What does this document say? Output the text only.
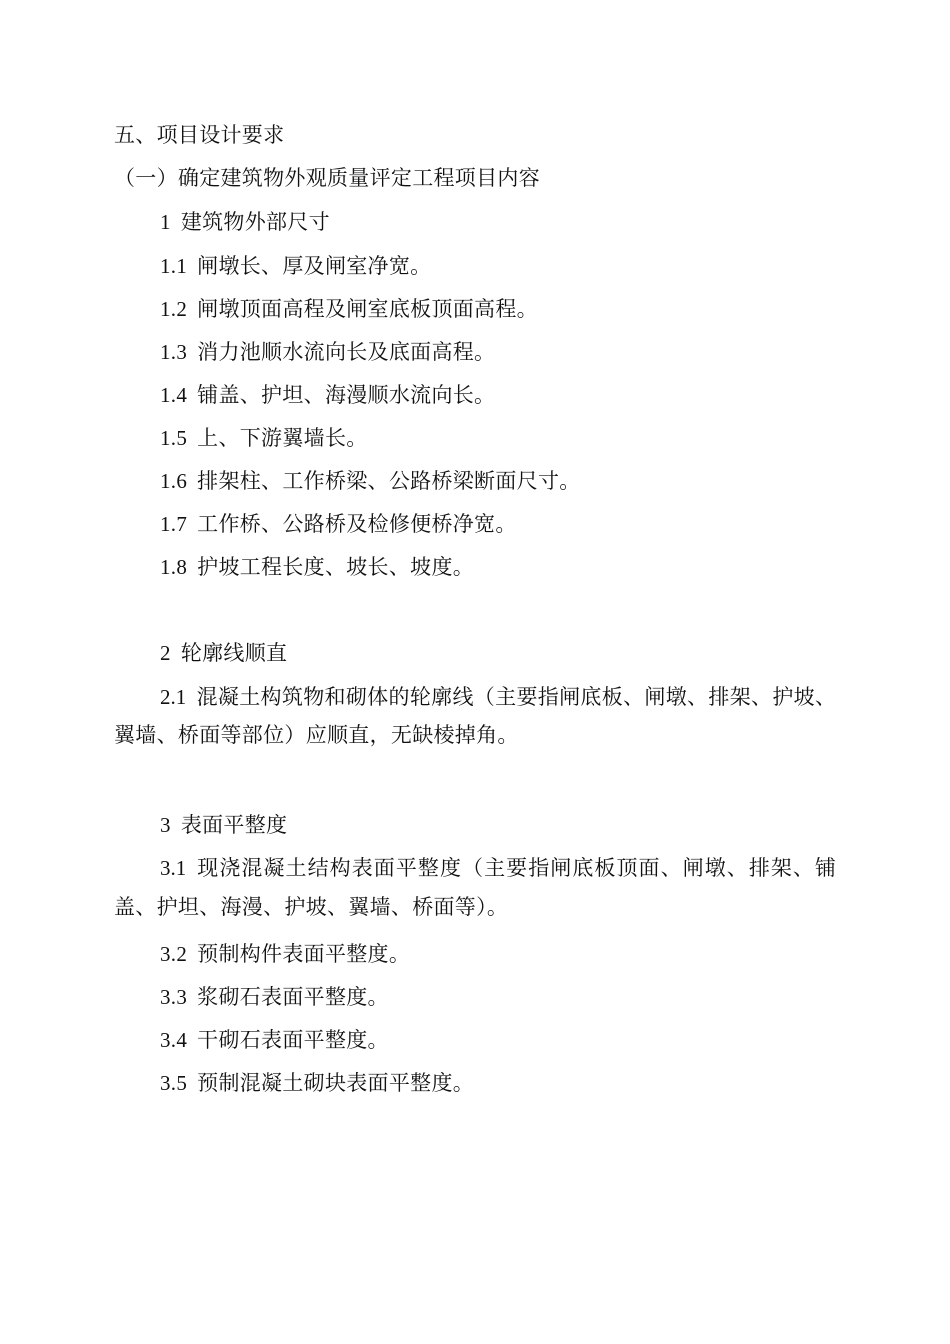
五、项目设计要求
（一）确定建筑物外观质量评定工程项目内容
1 建筑物外部尺寸
1.1 闸墩长、厚及闸室净宽。
1.2 闸墩顶面高程及闸室底板顶面高程。
1.3 消力池顺水流向长及底面高程。
1.4 铺盖、护坦、海漫顺水流向长。
1.5 上、下游翼墙长。
1.6 排架柱、工作桥梁、公路桥梁断面尺寸。
1.7 工作桥、公路桥及检修便桥净宽。
1.8 护坡工程长度、坡长、坡度。
2 轮廓线顺直
2.1 混凝土构筑物和砌体的轮廓线（主要指闸底板、闸墩、排架、护坡、
翼墙、桥面等部位）应顺直，无缺棱掉角。
3 表面平整度
3.1 现浇混凝土结构表面平整度（主要指闸底板顶面、闸墩、排架、铺
盖、护坦、海漫、护坡、翼墙、桥面等）。
3.2 预制构件表面平整度。
3.3 浆砌石表面平整度。
3.4 干砌石表面平整度。
3.5 预制混凝土砌块表面平整度。
